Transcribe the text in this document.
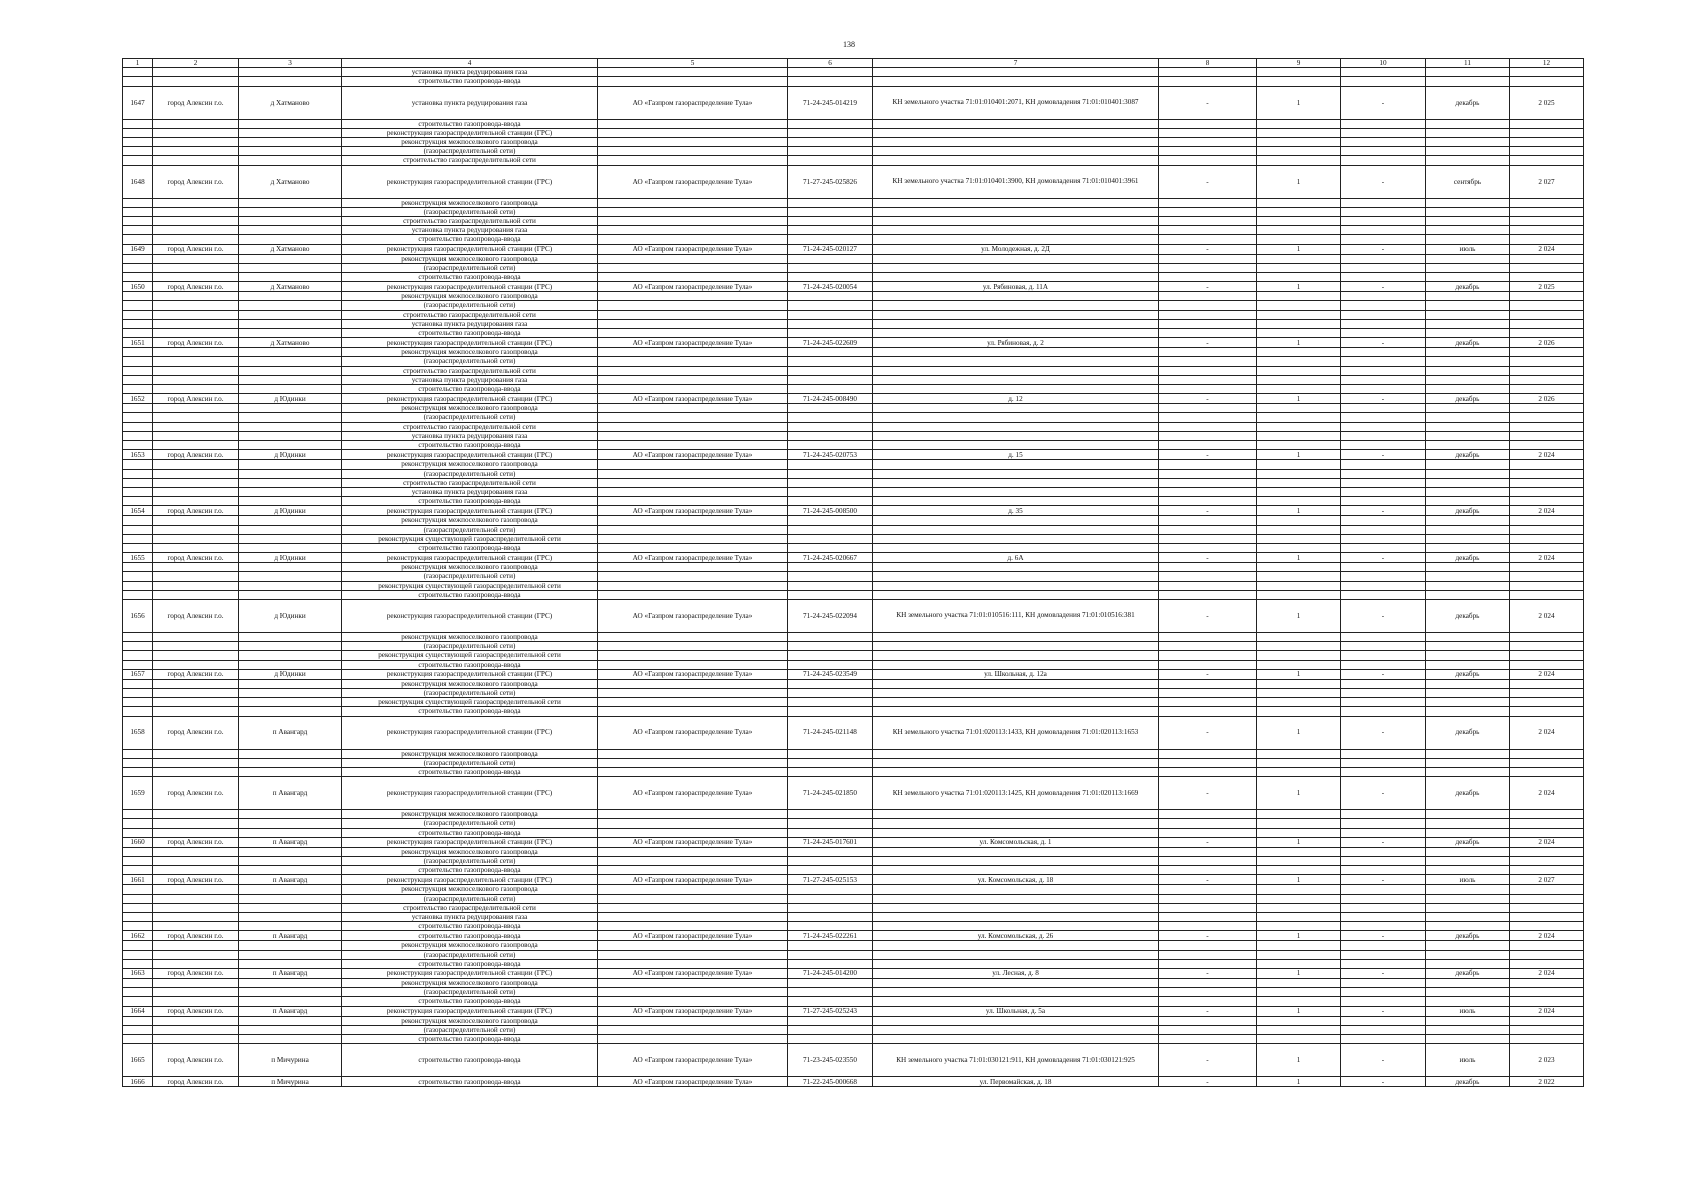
138
1	2	3	4	5	6	7	8	9	10	11	12
			установка пункта редуцирования газа								
			строительство газопровода-ввода								
1647	город Алексин г.о.	д Хатманово	установка пункта редуцирования газа	АО «Газпром газораспределение Тула»	71-24-245-014219	КН земельного участка 71:01:010401:2071, КН домовладения 71:01:010401:3087	-	1	-	декабрь	2 025
			строительство газопровода-ввода								
			реконструкция газораспределительной станции (ГРС)								
			реконструкция межпоселкового газопровода								
			(газораспределительной сети)								
			строительство газораспределительной сети								
1648	город Алексин г.о.	д Хатманово	реконструкция газораспределительной станции (ГРС)	АО «Газпром газораспределение Тула»	71-27-245-025826	КН земельного участка 71:01:010401:3900, КН домовладения 71:01:010401:3961	-	1	-	сентябрь	2 027
			реконструкция межпоселкового газопровода								
			(газораспределительной сети)								
			строительство газораспределительной сети								
			установка пункта редуцирования газа								
			строительство газопровода-ввода								
1649	город Алексин г.о.	д Хатманово	реконструкция газораспределительной станции (ГРС)	АО «Газпром газораспределение Тула»	71-24-245-020127	ул. Молодежная, д. 2Д	-	1	-	июль	2 024
			реконструкция межпоселкового газопровода								
			(газораспределительной сети)								
			строительство газопровода-ввода								
1650	город Алексин г.о.	д Хатманово	реконструкция газораспределительной станции (ГРС)	АО «Газпром газораспределение Тула»	71-24-245-020054	ул. Рябиновая, д. 11А	-	1	-	декабрь	2 025
			реконструкция межпоселкового газопровода								
			(газораспределительной сети)								
			строительство газораспределительной сети								
			установка пункта редуцирования газа								
			строительство газопровода-ввода								
1651	город Алексин г.о.	д Хатманово	реконструкция газораспределительной станции (ГРС)	АО «Газпром газораспределение Тула»	71-24-245-022609	ул. Рябиновая, д. 2	-	1	-	декабрь	2 026
			реконструкция межпоселкового газопровода								
			(газораспределительной сети)								
			строительство газораспределительной сети								
			установка пункта редуцирования газа								
			строительство газопровода-ввода								
1652	город Алексин г.о.	д Юдинки	реконструкция газораспределительной станции (ГРС)	АО «Газпром газораспределение Тула»	71-24-245-008490	д. 12	-	1	-	декабрь	2 026
			реконструкция межпоселкового газопровода								
			(газораспределительной сети)								
			строительство газораспределительной сети								
			установка пункта редуцирования газа								
			строительство газопровода-ввода								
1653	город Алексин г.о.	д Юдинки	реконструкция газораспределительной станции (ГРС)	АО «Газпром газораспределение Тула»	71-24-245-020753	д. 15	-	1	-	декабрь	2 024
			реконструкция межпоселкового газопровода								
			(газораспределительной сети)								
			строительство газораспределительной сети								
			установка пункта редуцирования газа								
			строительство газопровода-ввода								
1654	город Алексин г.о.	д Юдинки	реконструкция газораспределительной станции (ГРС)	АО «Газпром газораспределение Тула»	71-24-245-008500	д. 35	-	1	-	декабрь	2 024
			реконструкция межпоселкового газопровода								
			(газораспределительной сети)								
			реконструкция существующей газораспределительной сети								
			строительство газопровода-ввода								
1655	город Алексин г.о.	д Юдинки	реконструкция газораспределительной станции (ГРС)	АО «Газпром газораспределение Тула»	71-24-245-020667	д. 6А	-	1	-	декабрь	2 024
			реконструкция межпоселкового газопровода								
			(газораспределительной сети)								
			реконструкция существующей газораспределительной сети								
			строительство газопровода-ввода								
1656	город Алексин г.о.	д Юдинки	реконструкция газораспределительной станции (ГРС)	АО «Газпром газораспределение Тула»	71-24-245-022094	КН земельного участка 71:01:010516:111, КН домовладения 71:01:010516:381	-	1	-	декабрь	2 024
			реконструкция межпоселкового газопровода								
			(газораспределительной сети)								
			реконструкция существующей газораспределительной сети								
			строительство газопровода-ввода								
1657	город Алексин г.о.	д Юдинки	реконструкция газораспределительной станции (ГРС)	АО «Газпром газораспределение Тула»	71-24-245-023549	ул. Школьная, д. 12а	-	1	-	декабрь	2 024
			реконструкция межпоселкового газопровода								
			(газораспределительной сети)								
			реконструкция существующей газораспределительной сети								
			строительство газопровода-ввода								
1658	город Алексин г.о.	п Авангард	реконструкция газораспределительной станции (ГРС)	АО «Газпром газораспределение Тула»	71-24-245-021148	КН земельного участка 71:01:020113:1433, КН домовладения 71:01:020113:1653	-	1	-	декабрь	2 024
			реконструкция межпоселкового газопровода								
			(газораспределительной сети)								
			строительство газопровода-ввода								
1659	город Алексин г.о.	п Авангард	реконструкция газораспределительной станции (ГРС)	АО «Газпром газораспределение Тула»	71-24-245-021850	КН земельного участка 71:01:020113:1425, КН домовладения 71:01:020113:1669	-	1	-	декабрь	2 024
			реконструкция межпоселкового газопровода								
			(газораспределительной сети)								
			строительство газопровода-ввода								
1660	город Алексин г.о.	п Авангард	реконструкция газораспределительной станции (ГРС)	АО «Газпром газораспределение Тула»	71-24-245-017601	ул. Комсомольская, д. 1	-	1	-	декабрь	2 024
			реконструкция межпоселкового газопровода								
			(газораспределительной сети)								
			строительство газопровода-ввода								
1661	город Алексин г.о.	п Авангард	реконструкция газораспределительной станции (ГРС)	АО «Газпром газораспределение Тула»	71-27-245-025153	ул. Комсомольская, д. 18	-	1	-	июль	2 027
			реконструкция межпоселкового газопровода								
			(газораспределительной сети)								
			строительство газораспределительной сети								
			установка пункта редуцирования газа								
			строительство газопровода-ввода								
1662	город Алексин г.о.	п Авангард	строительство газопровода-ввода	АО «Газпром газораспределение Тула»	71-24-245-022261	ул. Комсомольская, д. 26	-	1	-	декабрь	2 024
			реконструкция межпоселкового газопровода								
			(газораспределительной сети)								
			строительство газопровода-ввода								
1663	город Алексин г.о.	п Авангард	реконструкция газораспределительной станции (ГРС)	АО «Газпром газораспределение Тула»	71-24-245-014200	ул. Лесная, д. 8	-	1	-	декабрь	2 024
			реконструкция межпоселкового газопровода								
			(газораспределительной сети)								
			строительство газопровода-ввода								
1664	город Алексин г.о.	п Авангард	реконструкция газораспределительной станции (ГРС)	АО «Газпром газораспределение Тула»	71-27-245-025243	ул. Школьная, д. 5а	-	1	-	июль	2 024
			реконструкция межпоселкового газопровода								
			(газораспределительной сети)								
			строительство газопровода-ввода								
1665	город Алексин г.о.	п Мичурина	строительство газопровода-ввода	АО «Газпром газораспределение Тула»	71-23-245-023550	КН земельного участка 71:01:030121:911, КН домовладения 71:01:030121:925	-	1	-	июль	2 023
1666	город Алексин г.о.	п Мичурина	строительство газопровода-ввода	АО «Газпром газораспределение Тула»	71-22-245-000668	ул. Первомайская, д. 18	-	1	-	декабрь	2 022
